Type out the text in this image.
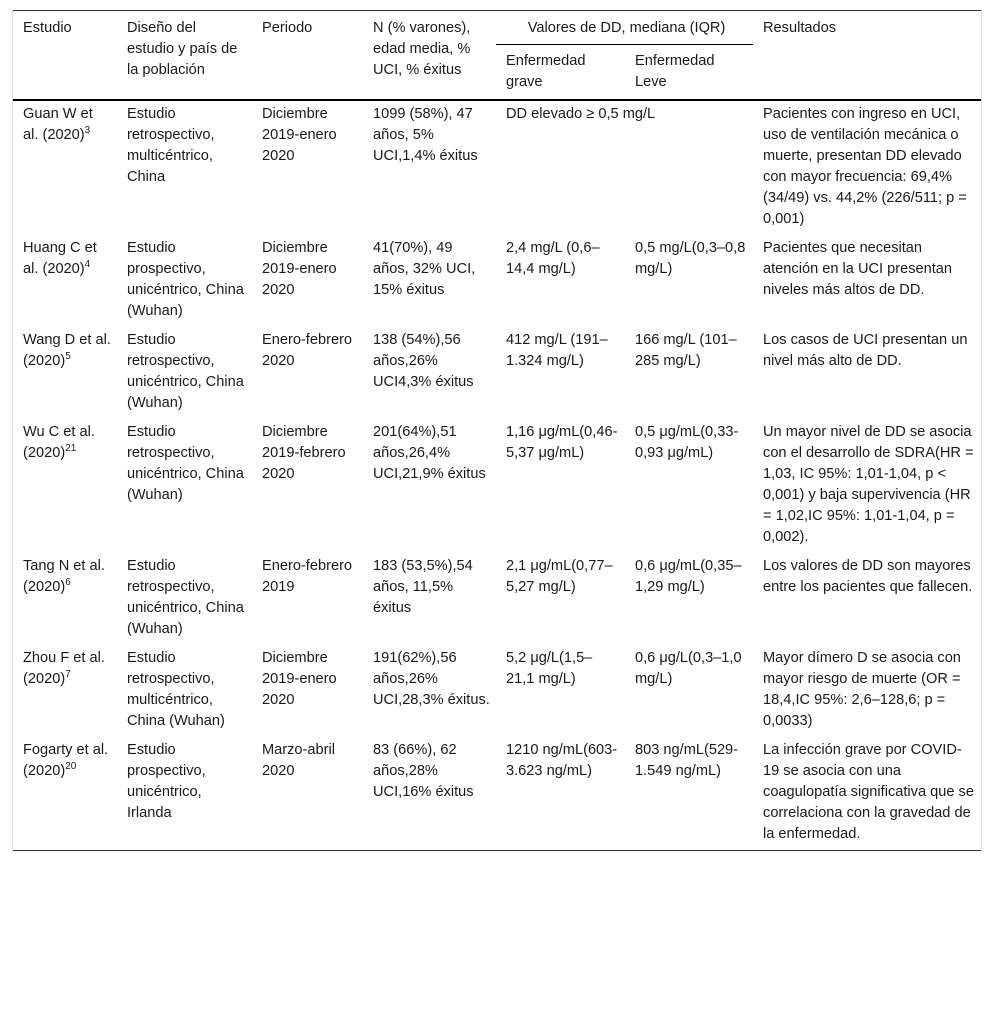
Estudio	Diseño del estudio y país de la población	Periodo	N (% varones), edad media, % UCI, % éxitus	Valores de DD, mediana (IQR)		Resultados
				Enfermedad grave	Enfermedad Leve	
Guan W et al. $(2020)^3$	Estudio retrospectivo, multicéntrico, China	Diciembre 2019-enero 2020	1099 (58%), 47 años, 5% UCI,1,4% éxitus	DD elevado ≥ 0,5 mg/L		Pacientes con ingreso en UCI, uso de ventilación mecánica o muerte, presentan DD elevado con mayor frecuencia: 69,4% (34/49) vs. 44,2% (226/511; p = 0,001)
Huang C et al. $(2020)^4$	Estudio prospectivo, unicéntrico, China (Wuhan)	Diciembre 2019-enero 2020	41(70%), 49 años, 32% UCI, 15% éxitus	2,4 mg/L (0,6–14,4 mg/L)	0,5 mg/L(0,3–0,8 mg/L)	Pacientes que necesitan atención en la UCI presentan niveles más altos de DD.
Wang D et al. $(2020)^5$	Estudio retrospectivo, unicéntrico, China (Wuhan)	Enero-febrero 2020	138 (54%),56 años,26% UCI4,3% éxitus	412 mg/L (191–1.324 mg/L)	166 mg/L (101–285 mg/L)	Los casos de UCI presentan un nivel más alto de DD.
Wu C et al. $(2020)^{21}$	Estudio retrospectivo, unicéntrico, China (Wuhan)	Diciembre 2019-febrero 2020	201(64%),51 años,26,4% UCI,21,9% éxitus	1,16 μg/mL(0,46-5,37 μg/mL)	0,5 μg/mL(0,33-0,93 μg/mL)	Un mayor nivel de DD se asocia con el desarrollo de SDRA(HR = 1,03, IC 95%: 1,01-1,04, p < 0,001) y baja supervivencia (HR = 1,02,IC 95%: 1,01-1,04, p = 0,002).
Tang N et al. $(2020)^6$	Estudio retrospectivo, unicéntrico, China (Wuhan)	Enero-febrero 2019	183 (53,5%),54 años, 11,5% éxitus	2,1 μg/mL(0,77–5,27 mg/L)	0,6 μg/mL(0,35–1,29 mg/L)	Los valores de DD son mayores entre los pacientes que fallecen.
Zhou F et al. $(2020)^7$	Estudio retrospectivo, multicéntrico, China (Wuhan)	Diciembre 2019-enero 2020	191(62%),56 años,26% UCI,28,3% éxitus.	5,2 μg/L(1,5–21,1 mg/L)	0,6 μg/L(0,3–1,0 mg/L)	Mayor dímero D se asocia con mayor riesgo de muerte (OR = 18,4,IC 95%: 2,6–128,6; p = 0,0033)
Fogarty et al. $(2020)^{20}$	Estudio prospectivo, unicéntrico, Irlanda	Marzo-abril 2020	83 (66%), 62 años,28% UCI,16% éxitus	1210 ng/mL(603-3.623 ng/mL)	803 ng/mL(529-1.549 ng/mL)	La infección grave por COVID-19 se asocia con una coagulopatía significativa que se correlaciona con la gravedad de la enfermedad.
